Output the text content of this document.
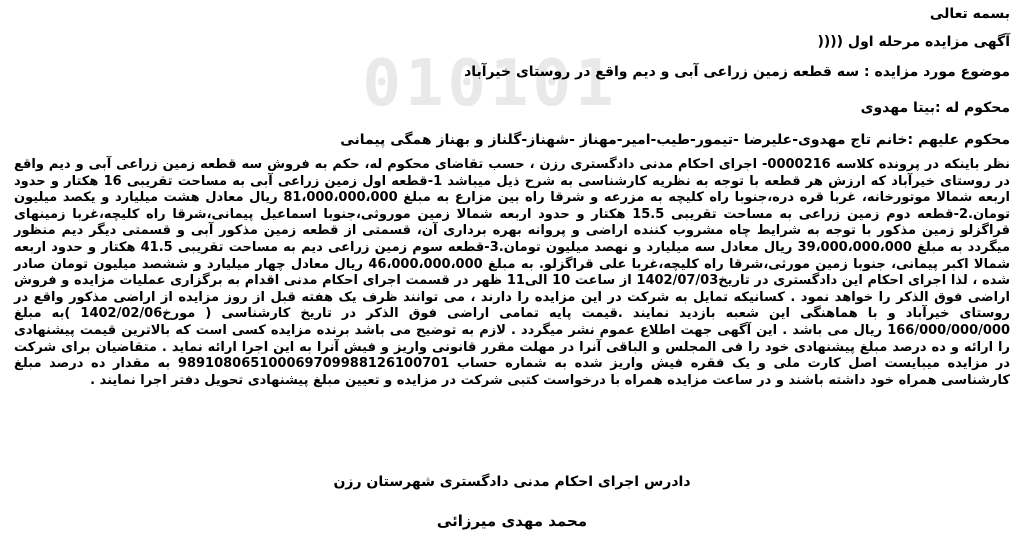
010101
بسمه تعالی
آگهی مزایده مرحله اول ((((
موضوع مورد مزایده : سه قطعه زمین زراعی آبی و دیم واقع در روستای خیرآباد
محکوم له :بیتا مهدوی
محکوم علیهم :خانم تاج مهدوی-علیرضا -تیمور-طیب-امیر-مهناز -شهناز-گلناز و بهناز همگی پیمانی
نظر باینکه در پرونده کلاسه 0000216- اجرای احکام مدنی دادگستری رزن ، حسب تقاضای محکوم له، حکم به فروش سه قطعه زمین زراعی آبی و دیم واقع در روستای خیرآباد که ارزش هر قطعه با توجه به نظریه کارشناسی به شرح ذیل میباشد 1-قطعه اول زمین زراعی آبی به مساحت تقریبی 16 هکتار و حدود اربعه شمالا موتورخانه، غربا قره دره،جنوبا راه کلیچه به مزرعه و شرقا راه بین مزارع به مبلغ 81،000،000،000 ریال معادل هشت میلیارد و یکصد میلیون تومان.2-قطعه دوم زمین زراعی به مساحت تقریبی 15.5 هکتار و حدود اربعه شمالا زمین موروثی،جنوبا اسماعیل پیمانی،شرقا راه کلیچه،غربا زمینهای قراگزلو زمین مذکور با توجه به شرایط چاه مشروب کننده اراضی و پروانه بهره برداری آن، قسمتی از قطعه زمین مذکور آبی و قسمتی دیگر دیم منظور میگردد به مبلغ 39،000،000،000 ریال معادل سه میلیارد و نهصد میلیون تومان.3-قطعه سوم زمین زراعی دیم به مساحت تقریبی 41.5 هکتار و حدود اربعه شمالا اکبر پیمانی، جنوبا زمین مورثی،شرقا راه کلیچه،غربا علی قراگزلو. به مبلغ 46،000،000،000 ریال معادل چهار میلیارد و ششصد میلیون تومان صادر شده ، لذا اجرای احکام این دادگستری در تاریخ1402/07/03 از ساعت 10 الی11 ظهر در قسمت اجرای احکام مدنی اقدام به برگزاری عملیات مزایده و فروش اراضی فوق الذکر را خواهد نمود . کسانیکه تمایل به شرکت در این مزایده را دارند ، می توانند ظرف یک هفته قبل از روز مزایده از اراضی مذکور واقع در روستای خیرآباد و با هماهنگی این شعبه بازدید نمایند .قیمت پایه تمامی اراضی فوق الذکر در تاریخ کارشناسی ( مورخ1402/02/06 )به مبلغ 166/000/000/000 ریال می باشد . این آگهی جهت اطلاع عموم نشر میگردد . لازم به توضیح می باشد برنده مزایده کسی است که بالاترین قیمت پیشنهادی را ارائه و ده درصد مبلغ پیشنهادی خود را فی المجلس و الباقی آنرا در مهلت مقرر قانونی واریز و فیش آنرا به این اجرا ارائه نماید . متقاضیان برای شرکت در مزایده میبایست اصل کارت ملی و یک فقره فیش واریز شده به شماره حساب 989108065100069709988126100701 به مقدار ده درصد مبلغ کارشناسی همراه خود داشته باشند و در ساعت مزایده همراه با درخواست کتبی شرکت در مزایده و تعیین مبلغ پیشنهادی تحویل دفتر اجرا نمایند .
دادرس اجرای احکام مدنی دادگستری شهرستان رزن
محمد مهدی میرزائی
